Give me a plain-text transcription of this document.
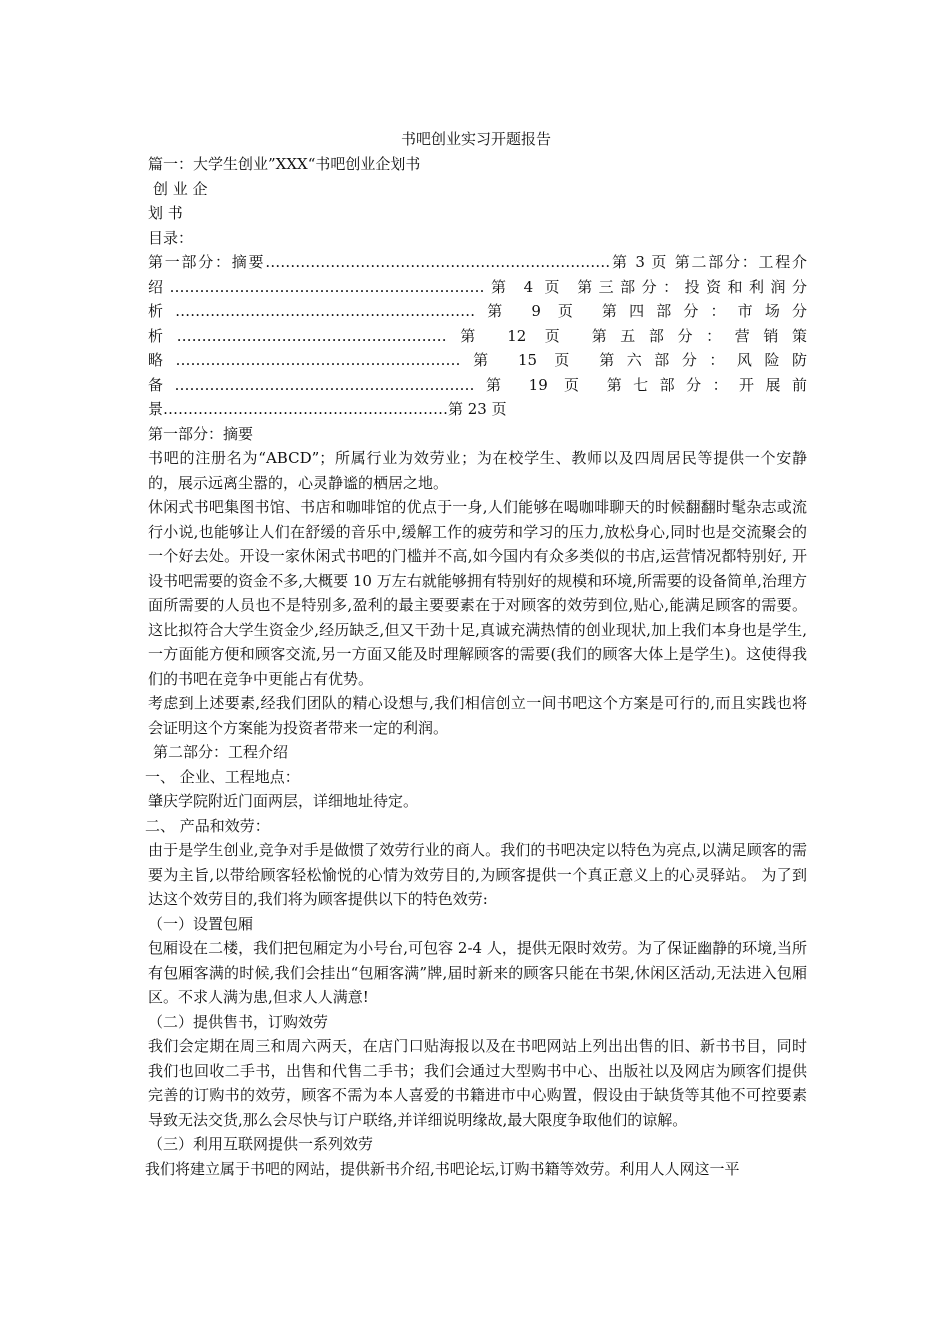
书吧创业实习开题报告
篇一：大学生创业”XXX“书吧创业企划书
创 业 企
划 书
目录：
第一部分：摘要……………………………………………………………第 3 页 第二部分：工程介绍………………………………………………………第 4 页 第三部分：投资和利润分析……………………………………………………第 9 页 第四部分：市场分析………………………………………………第 12 页 第五部分：营销策略…………………………………………………第 15 页 第六部分：风险防备……………………………………………………第 19 页 第七部分：开展前景…………………………………………………第 23 页
第一部分：摘要
书吧的注册名为“ABCD”；所属行业为效劳业；为在校学生、教师以及四周居民等提供一个安静的，展示远离尘嚣的，心灵静谧的栖居之地。
休闲式书吧集图书馆、书店和咖啡馆的优点于一身,人们能够在喝咖啡聊天的时候翻翻时髦杂志或流行小说,也能够让人们在舒缓的音乐中,缓解工作的疲劳和学习的压力,放松身心,同时也是交流聚会的一个好去处。开设一家休闲式书吧的门槛并不高,如今国内有众多类似的书店,运营情况都特别好, 开设书吧需要的资金不多,大概要 10 万左右就能够拥有特别好的规模和环境,所需要的设备简单,治理方面所需要的人员也不是特别多,盈利的最主要要素在于对顾客的效劳到位,贴心,能满足顾客的需要。这比拟符合大学生资金少,经历缺乏,但又干劲十足,真诚充满热情的创业现状,加上我们本身也是学生,一方面能方便和顾客交流,另一方面又能及时理解顾客的需要(我们的顾客大体上是学生)。这使得我们的书吧在竞争中更能占有优势。
考虑到上述要素,经我们团队的精心设想与,我们相信创立一间书吧这个方案是可行的,而且实践也将会证明这个方案能为投资者带来一定的利润。
第二部分：工程介绍
一、 企业、工程地点：
肇庆学院附近门面两层，详细地址待定。
二、 产品和效劳：
由于是学生创业,竞争对手是做惯了效劳行业的商人。我们的书吧决定以特色为亮点,以满足顾客的需要为主旨,以带给顾客轻松愉悦的心情为效劳目的,为顾客提供一个真正意义上的心灵驿站。 为了到达这个效劳目的,我们将为顾客提供以下的特色效劳:
（一）设置包厢
包厢设在二楼，我们把包厢定为小号台,可包容 2-4 人，提供无限时效劳。为了保证幽静的环境,当所有包厢客满的时候,我们会挂出“包厢客满”牌,届时新来的顾客只能在书架,休闲区活动,无法进入包厢区。不求人满为患,但求人人满意!
（二）提供售书，订购效劳
我们会定期在周三和周六两天，在店门口贴海报以及在书吧网站上列出出售的旧、新书书目，同时我们也回收二手书，出售和代售二手书；我们会通过大型购书中心、出版社以及网店为顾客们提供完善的订购书的效劳，顾客不需为本人喜爱的书籍进市中心购置，假设由于缺货等其他不可控要素导致无法交货,那么会尽快与订户联络,并详细说明缘故,最大限度争取他们的谅解。
（三）利用互联网提供一系列效劳
我们将建立属于书吧的网站，提供新书介绍,书吧论坛,订购书籍等效劳。利用人人网这一平
